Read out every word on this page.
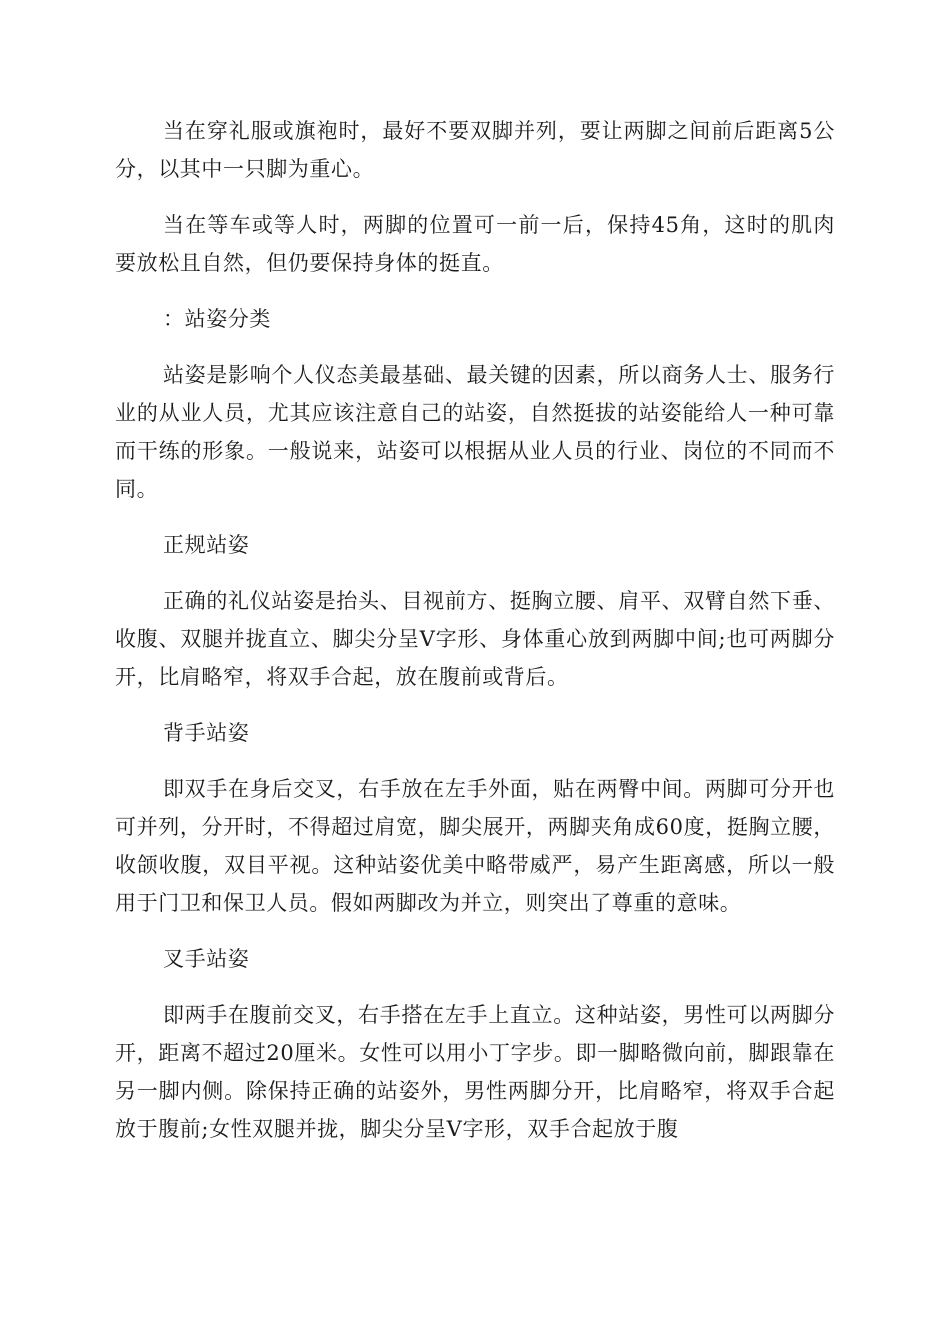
当在穿礼服或旗袍时，最好不要双脚并列，要让两脚之间前后距离5公分，以其中一只脚为重心。

当在等车或等人时，两脚的位置可一前一后，保持45角，这时的肌肉要放松且自然，但仍要保持身体的挺直。

：站姿分类

站姿是影响个人仪态美最基础、最关键的因素，所以商务人士、服务行业的从业人员，尤其应该注意自己的站姿，自然挺拔的站姿能给人一种可靠而干练的形象。一般说来，站姿可以根据从业人员的行业、岗位的不同而不同。

正规站姿

正确的礼仪站姿是抬头、目视前方、挺胸立腰、肩平、双臂自然下垂、收腹、双腿并拢直立、脚尖分呈V字形、身体重心放到两脚中间;也可两脚分开，比肩略窄，将双手合起，放在腹前或背后。

背手站姿

即双手在身后交叉，右手放在左手外面，贴在两臀中间。两脚可分开也可并列，分开时，不得超过肩宽，脚尖展开，两脚夹角成60度，挺胸立腰，收颌收腹，双目平视。这种站姿优美中略带威严，易产生距离感，所以一般用于门卫和保卫人员。假如两脚改为并立，则突出了尊重的意味。

叉手站姿

即两手在腹前交叉，右手搭在左手上直立。这种站姿，男性可以两脚分开，距离不超过20厘米。女性可以用小丁字步。即一脚略微向前，脚跟靠在另一脚内侧。除保持正确的站姿外，男性两脚分开，比肩略窄，将双手合起放于腹前;女性双腿并拢，脚尖分呈V字形，双手合起放于腹
